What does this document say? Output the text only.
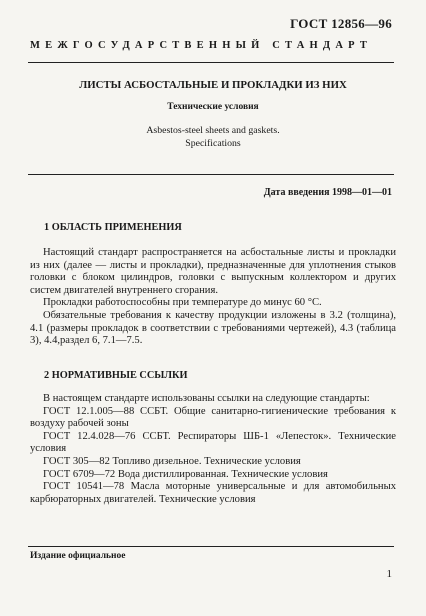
ГОСТ 12856—96
МЕЖГОСУДАРСТВЕННЫЙ СТАНДАРТ
ЛИСТЫ АСБОСТАЛЬНЫЕ И ПРОКЛАДКИ ИЗ НИХ
Технические условия
Asbestos-steel sheets and gaskets.
Specifications
Дата введения 1998—01—01
1 ОБЛАСТЬ ПРИМЕНЕНИЯ

Настоящий стандарт распространяется на асбостальные листы и прокладки из них (далее — листы и прокладки), предназначенные для уплотнения стыков головки с блоком цилиндров, головки с выпускным коллектором и других систем двигателей внутреннего сгорания.

Прокладки работоспособны при температуре до минус 60 °C.

Обязательные требования к качеству продукции изложены в 3.2 (толщина), 4.1 (размеры прокладок в соответствии с требованиями чертежей), 4.3 (таблица 3), 4.4,раздел 6, 7.1—7.5.

2 НОРМАТИВНЫЕ ССЫЛКИ

В настоящем стандарте использованы ссылки на следующие стандарты:

ГОСТ 12.1.005—88 ССБТ. Общие санитарно-гигиенические требования к воздуху рабочей зоны

ГОСТ 12.4.028—76 ССБТ. Респираторы ШБ-1 «Лепесток». Технические условия

ГОСТ 305—82 Топливо дизельное. Технические условия

ГОСТ 6709—72 Вода дистиллированная. Технические условия

ГОСТ 10541—78 Масла моторные универсальные и для автомобильных карбюраторных двигателей. Технические условия

Издание официальное
1
